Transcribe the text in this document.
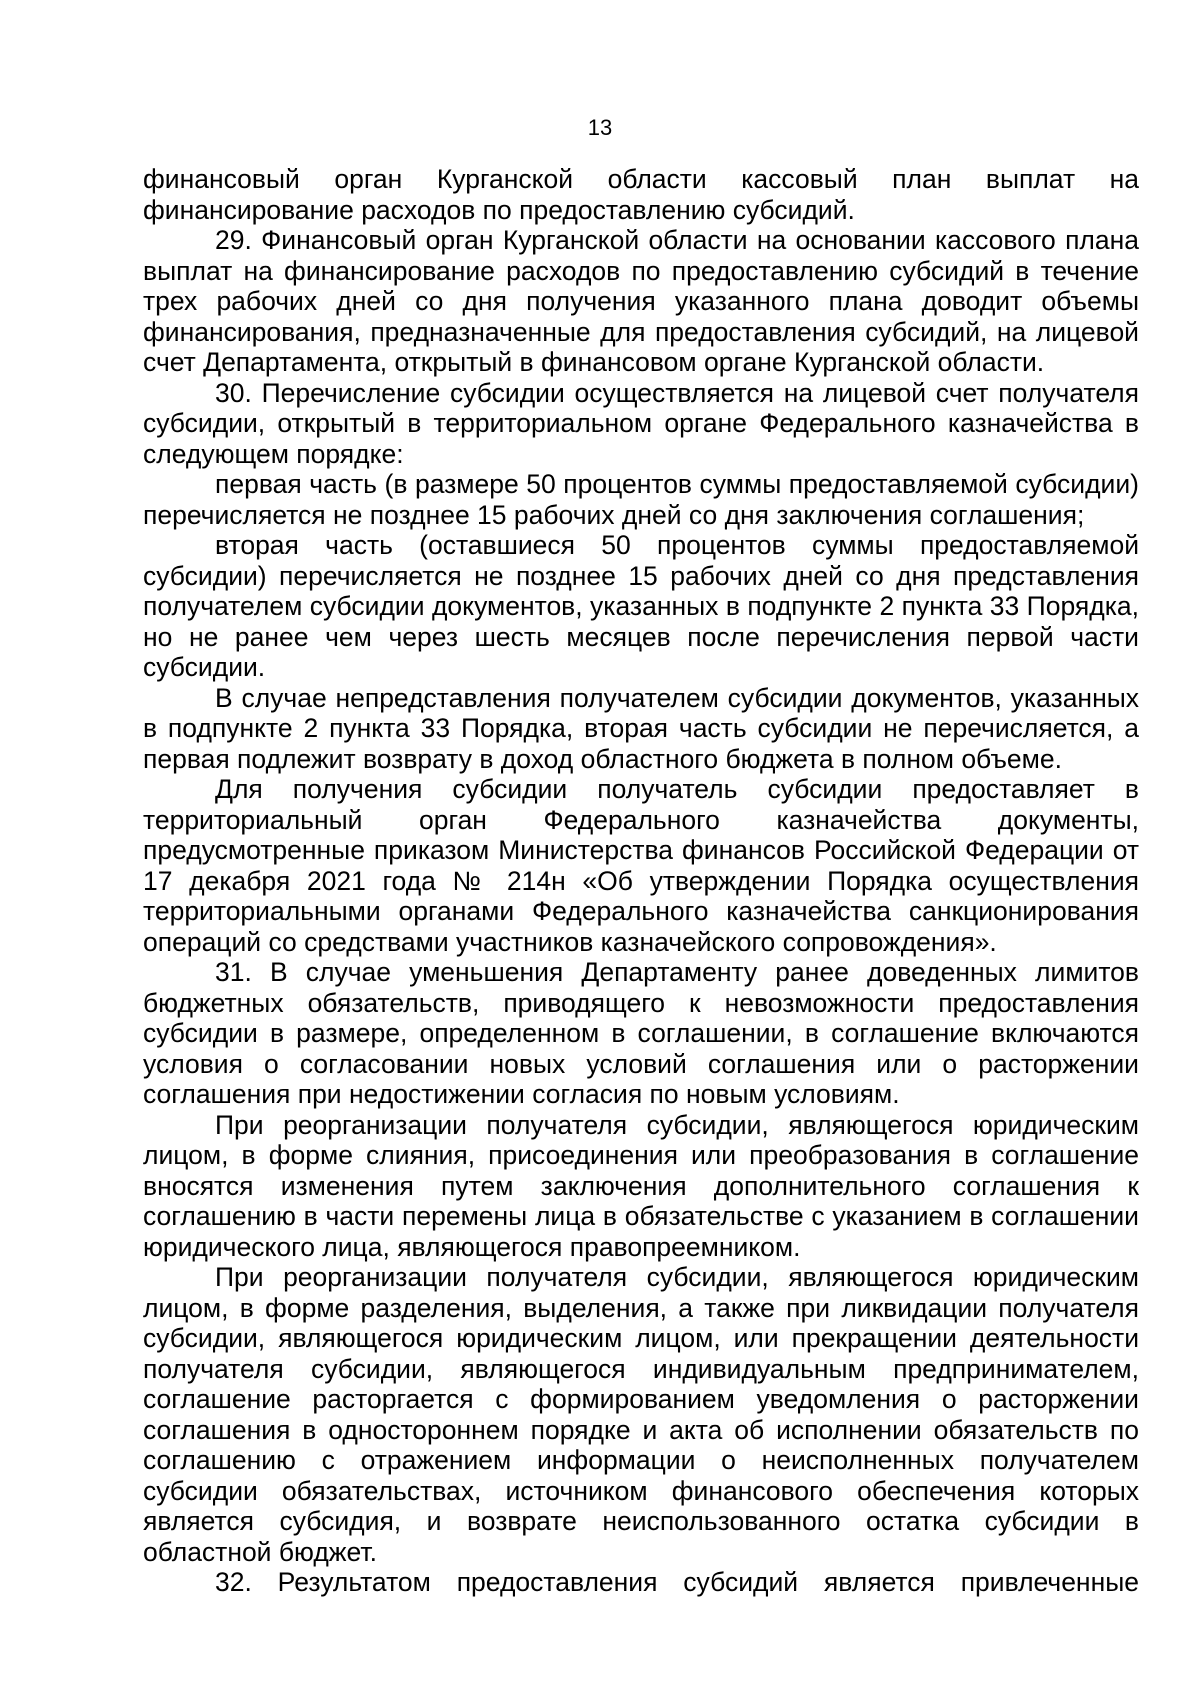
13

финансовый орган Курганской области кассовый план выплат на финансирование расходов по предоставлению субсидий.

29. Финансовый орган Курганской области на основании кассового плана выплат на финансирование расходов по предоставлению субсидий в течение трех рабочих дней со дня получения указанного плана доводит объемы финансирования, предназначенные для предоставления субсидий, на лицевой счет Департамента, открытый в финансовом органе Курганской области.

30. Перечисление субсидии осуществляется на лицевой счет получателя субсидии, открытый в территориальном органе Федерального казначейства в следующем порядке:

первая часть (в размере 50 процентов суммы предоставляемой субсидии) перечисляется не позднее 15 рабочих дней со дня заключения соглашения;

вторая часть (оставшиеся 50 процентов суммы предоставляемой субсидии) перечисляется не позднее 15 рабочих дней со дня представления получателем субсидии документов, указанных в подпункте 2 пункта 33 Порядка, но не ранее чем через шесть месяцев после перечисления первой части субсидии.

В случае непредставления получателем субсидии документов, указанных в подпункте 2 пункта 33 Порядка, вторая часть субсидии не перечисляется, а первая подлежит возврату в доход областного бюджета в полном объеме.

Для получения субсидии получатель субсидии предоставляет в территориальный орган Федерального казначейства документы, предусмотренные приказом Министерства финансов Российской Федерации от 17 декабря 2021 года № 214н «Об утверждении Порядка осуществления территориальными органами Федерального казначейства санкционирования операций со средствами участников казначейского сопровождения».

31. В случае уменьшения Департаменту ранее доведенных лимитов бюджетных обязательств, приводящего к невозможности предоставления субсидии в размере, определенном в соглашении, в соглашение включаются условия о согласовании новых условий соглашения или о расторжении соглашения при недостижении согласия по новым условиям.

При реорганизации получателя субсидии, являющегося юридическим лицом, в форме слияния, присоединения или преобразования в соглашение вносятся изменения путем заключения дополнительного соглашения к соглашению в части перемены лица в обязательстве с указанием в соглашении юридического лица, являющегося правопреемником.

При реорганизации получателя субсидии, являющегося юридическим лицом, в форме разделения, выделения, а также при ликвидации получателя субсидии, являющегося юридическим лицом, или прекращении деятельности получателя субсидии, являющегося индивидуальным предпринимателем, соглашение расторгается с формированием уведомления о расторжении соглашения в одностороннем порядке и акта об исполнении обязательств по соглашению с отражением информации о неисполненных получателем субсидии обязательствах, источником финансового обеспечения которых является субсидия, и возврате неиспользованного остатка субсидии в областной бюджет.

32. Результатом предоставления субсидий является привлеченные
